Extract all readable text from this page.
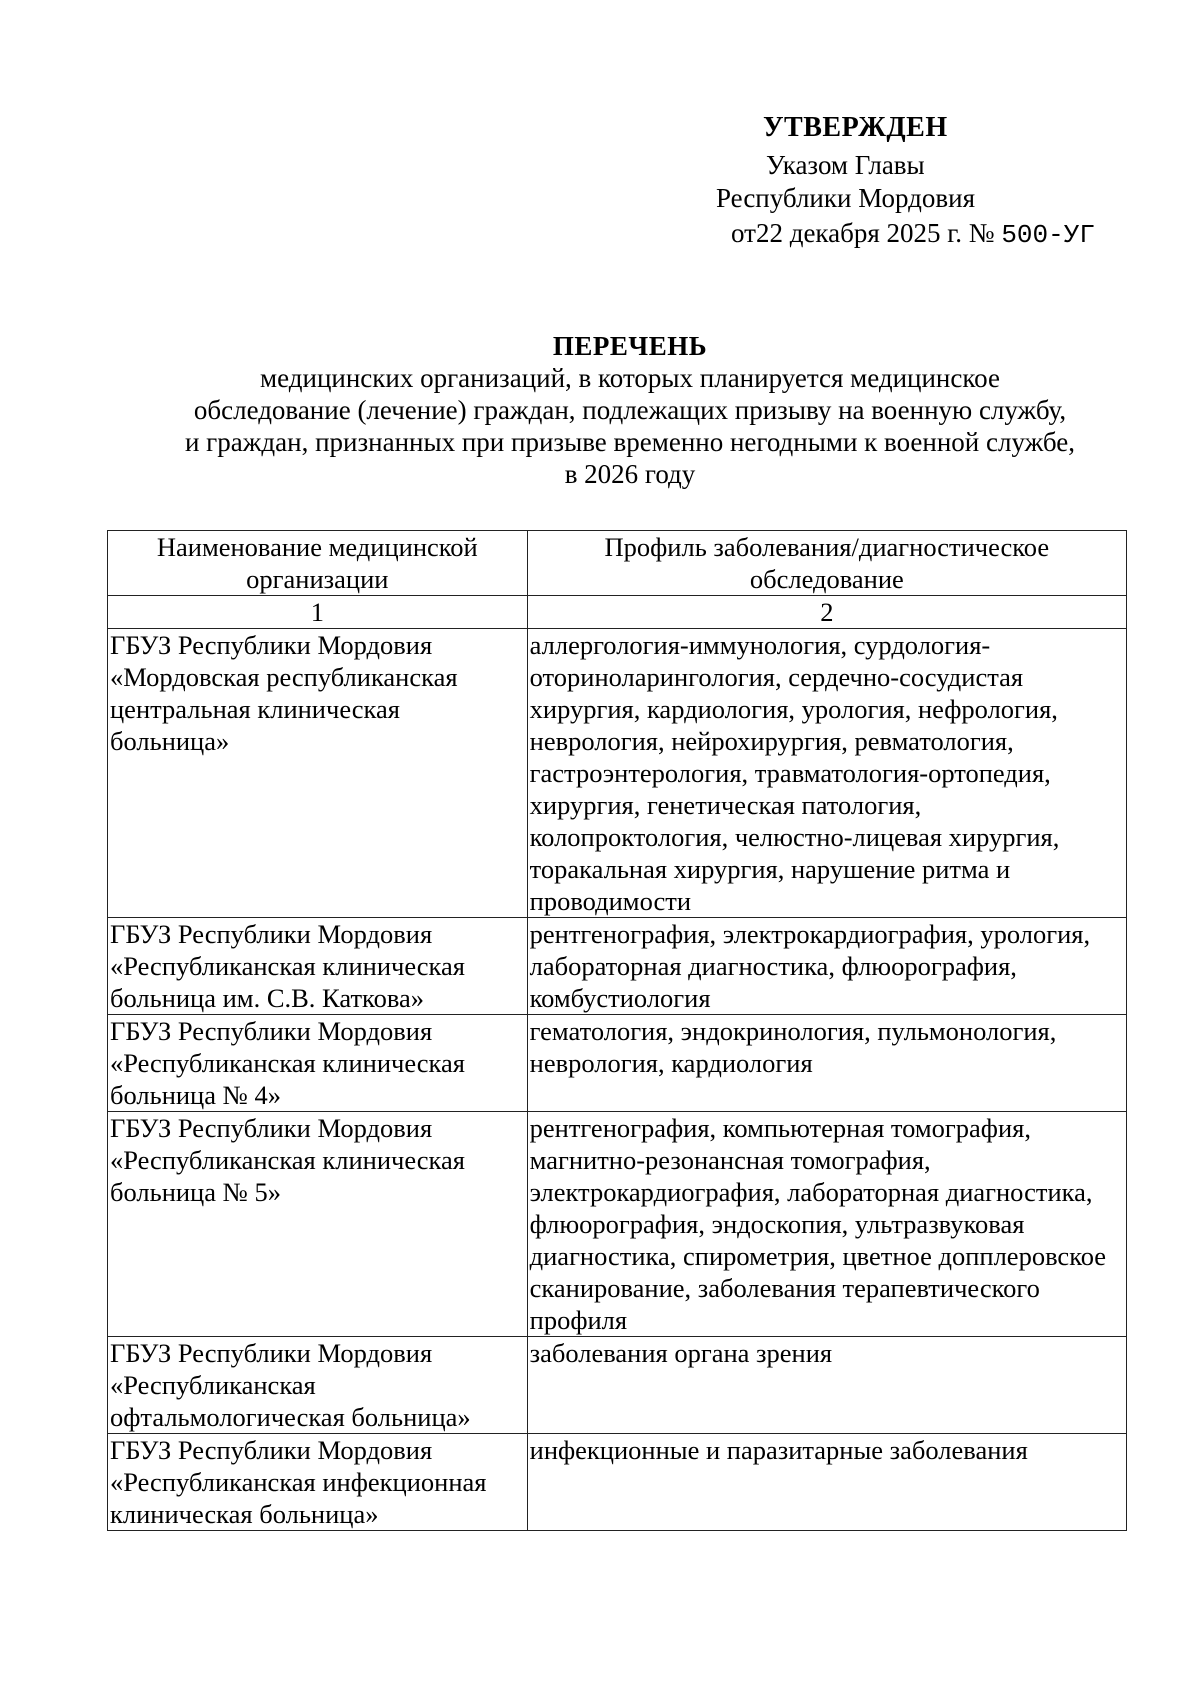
УТВЕРЖДЕН
Указом Главы
Республики Мордовия
от22 декабря 2025 г. № 500-УГ
ПЕРЕЧЕНЬ
медицинских организаций, в которых планируется медицинское
обследование (лечение) граждан, подлежащих призыву на военную службу,
и граждан, признанных при призыве временно негодными к военной службе,
в 2026 году
Наименование медицинской организации	Профиль заболевания/диагностическое обследование
1	2
ГБУЗ Республики Мордовия «Мордовская республиканская центральная клиническая больница»	аллергология-иммунология, сурдология-оториноларингология, сердечно-сосудистая хирургия, кардиология, урология, нефрология, неврология, нейрохирургия, ревматология, гастроэнтерология, травматология-ортопедия, хирургия, генетическая патология, колопроктология, челюстно-лицевая хирургия, торакальная хирургия, нарушение ритма и проводимости
ГБУЗ Республики Мордовия «Республиканская клиническая больница им. С.В. Каткова»	рентгенография, электрокардиография, урология, лабораторная диагностика, флюорография, комбустиология
ГБУЗ Республики Мордовия «Республиканская клиническая больница № 4»	гематология, эндокринология, пульмонология, неврология, кардиология
ГБУЗ Республики Мордовия «Республиканская клиническая больница № 5»	рентгенография, компьютерная томография, магнитно-резонансная томография, электрокардиография, лабораторная диагностика, флюорография, эндоскопия, ультразвуковая диагностика, спирометрия, цветное допплеровское сканирование, заболевания терапевтического профиля
ГБУЗ Республики Мордовия «Республиканская офтальмологическая больница»	заболевания органа зрения
ГБУЗ Республики Мордовия «Республиканская инфекционная клиническая больница»	инфекционные и паразитарные заболевания
